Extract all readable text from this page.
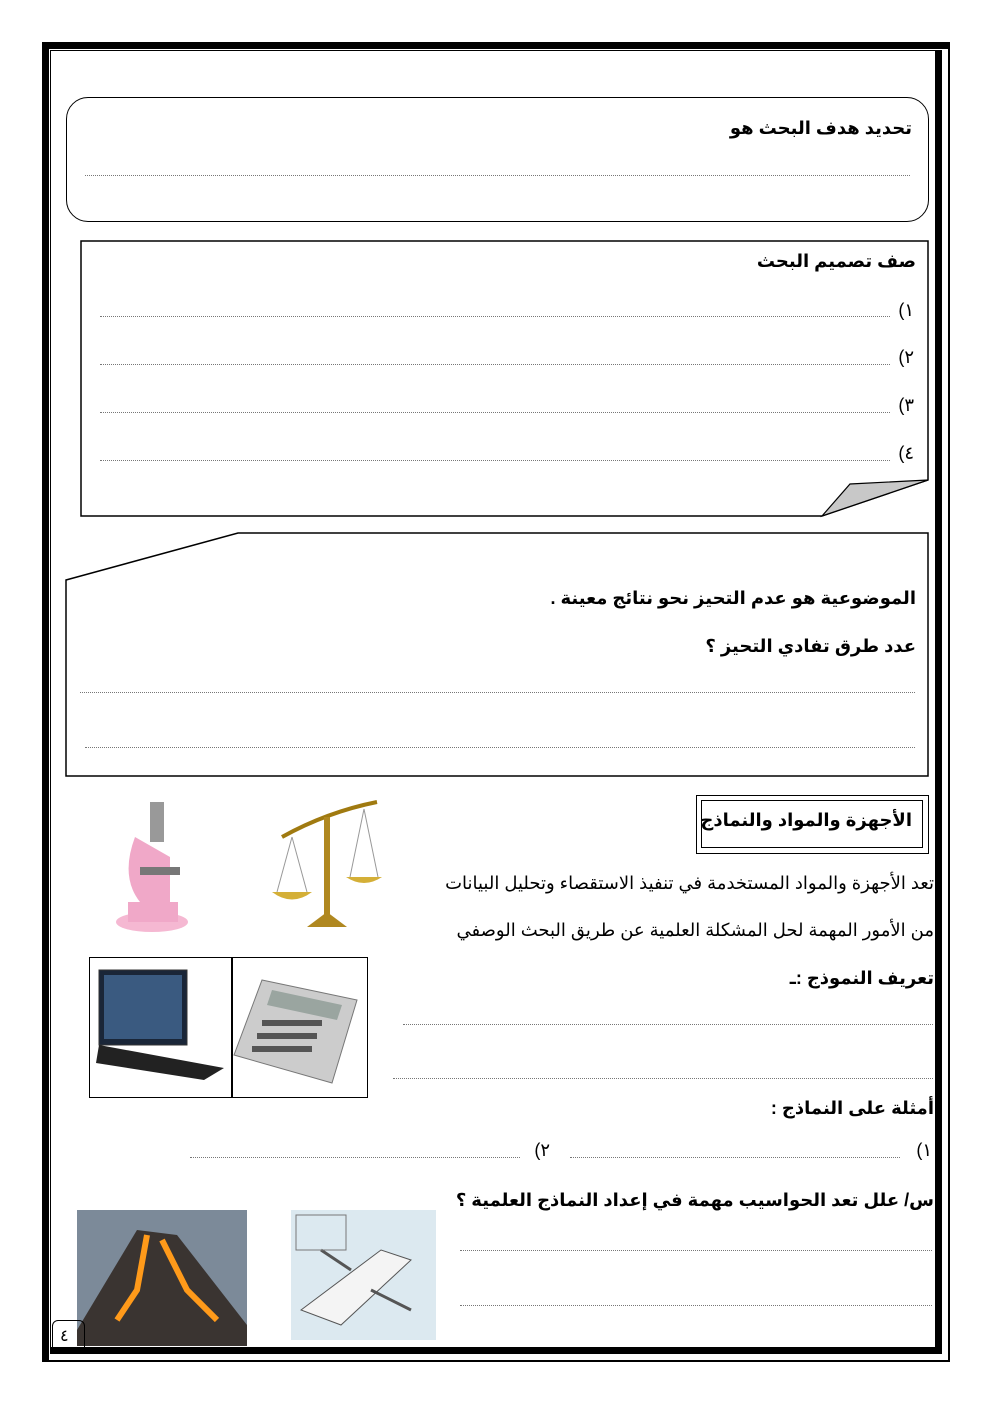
تحديد هدف البحث هو
صف تصميم البحث
١)
٢)
٣)
٤)
الموضوعية هو عدم التحيز نحو نتائج معينة .
عدد طرق تفادي التحيز ؟
الأجهزة والمواد والنماذج
تعد الأجهزة والمواد المستخدمة في تنفيذ الاستقصاء وتحليل البيانات
من الأمور المهمة لحل المشكلة العلمية عن طريق البحث الوصفي
تعريف النموذج :ـ
أمثلة على النماذج :
١)
٢)
س/ علل تعد الحواسيب مهمة في إعداد النماذج العلمية ؟
٤
